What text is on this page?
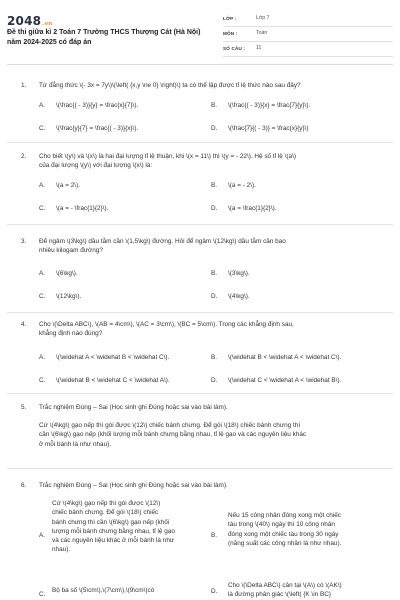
2048.vn
Đề thi giữa kì 2 Toán 7 Trường THCS Thượng Cát (Hà Nội)
năm 2024-2025 có đáp án
LỚP :	Lớp 7
MÔN :	Toán
SỐ CÂU :	11
1. Từ đẳng thức \(- 3x = 7y\)\(\left( {x,y \ne 0} \right)\) ta có thể lập được tỉ lệ thức nào sau đây?
A. \(\frac{( - 3)}{y} = \frac{x}{7}\).	B. \(\frac{( - 3)}{x} = \frac{7}{y}\).
C. \(\frac{y}{7} = \frac{( - 3)}{x}\).	D. \(\frac{7}{( - 3)} = \frac{x}{y}\)
2. Cho biết \(y\) và \(x\) là hai đại lượng tỉ lệ thuận, khi \(x = 11\) thì \(y = - 22\). Hệ số tỉ lệ \(a\)
của đại lượng \(y\) với đại lượng \(x\) là:
A. \(a = 2\).	B. \(a = - 2\).
C. \(a = - \frac{1}{2}\).	D. \(a = \frac{1}{2}\).
3. Để ngâm \(3\kg\) dầu tằm cần \(1,5\kg\) đường. Hỏi để ngâm \(12\kg\) dầu tằm cần bao
nhiêu kilogam đường?
A. \(6\kg\).	B. \(3\kg\).
C. \(12\kg\).	D. \(4\kg\).
4. Cho \(\Delta ABC\), \(AB = 4\cm\), \(AC = 3\cm\), \(BC = 5\cm\). Trong các khẳng định sau,
khẳng định nào đúng?
A. \(\widehat A < \widehat B < \widehat C\).	B. \(\widehat B < \widehat A < \widehat C\).
C. \(\widehat B < \widehat C < \widehat A\).	D. \(\widehat C < \widehat A < \widehat B\).
5. Trắc nghiệm Đúng – Sai (Học sinh ghi Đúng hoặc sai vào bài làm).
Cứ \(4\kg\) gạo nếp thì gói được \(12\) chiếc bánh chưng. Để gói \(18\) chiếc bánh chưng thì
cần \(6\kg\) gạo nếp (khối lượng mỗi bánh chưng bằng nhau, tỉ lệ gạo và các nguyên liệu khác
ở mỗi bánh là như nhau).
6. Trắc nghiệm Đúng – Sai (Học sinh ghi Đúng hoặc sai vào bài làm).
A.
Cứ \(4\kg\) gạo nếp thì gói được \(12\)
chiếc bánh chưng. Để gói \(18\) chiếc
bánh chưng thì cần \(6\kg\) gạo nếp (khối
lượng mỗi bánh chưng bằng nhau, tỉ lệ gạo
và các nguyên liệu khác ở mỗi bánh là như
nhau).
B.
Nếu 15 công nhân đóng xong một chiếc
tàu trong \(40\) ngày thì 10 công nhân
đóng xong một chiếc tàu trong 30 ngày
(năng suất các công nhân là như nhau).
C.
Bộ ba số \(5\cm\),\(7\cm\),\(9\cm\)có	D.
Cho \(\Delta ABC\) cân tại \(A\) có \(AK\)
là đường phân giác \(\left( {K \in BC}
